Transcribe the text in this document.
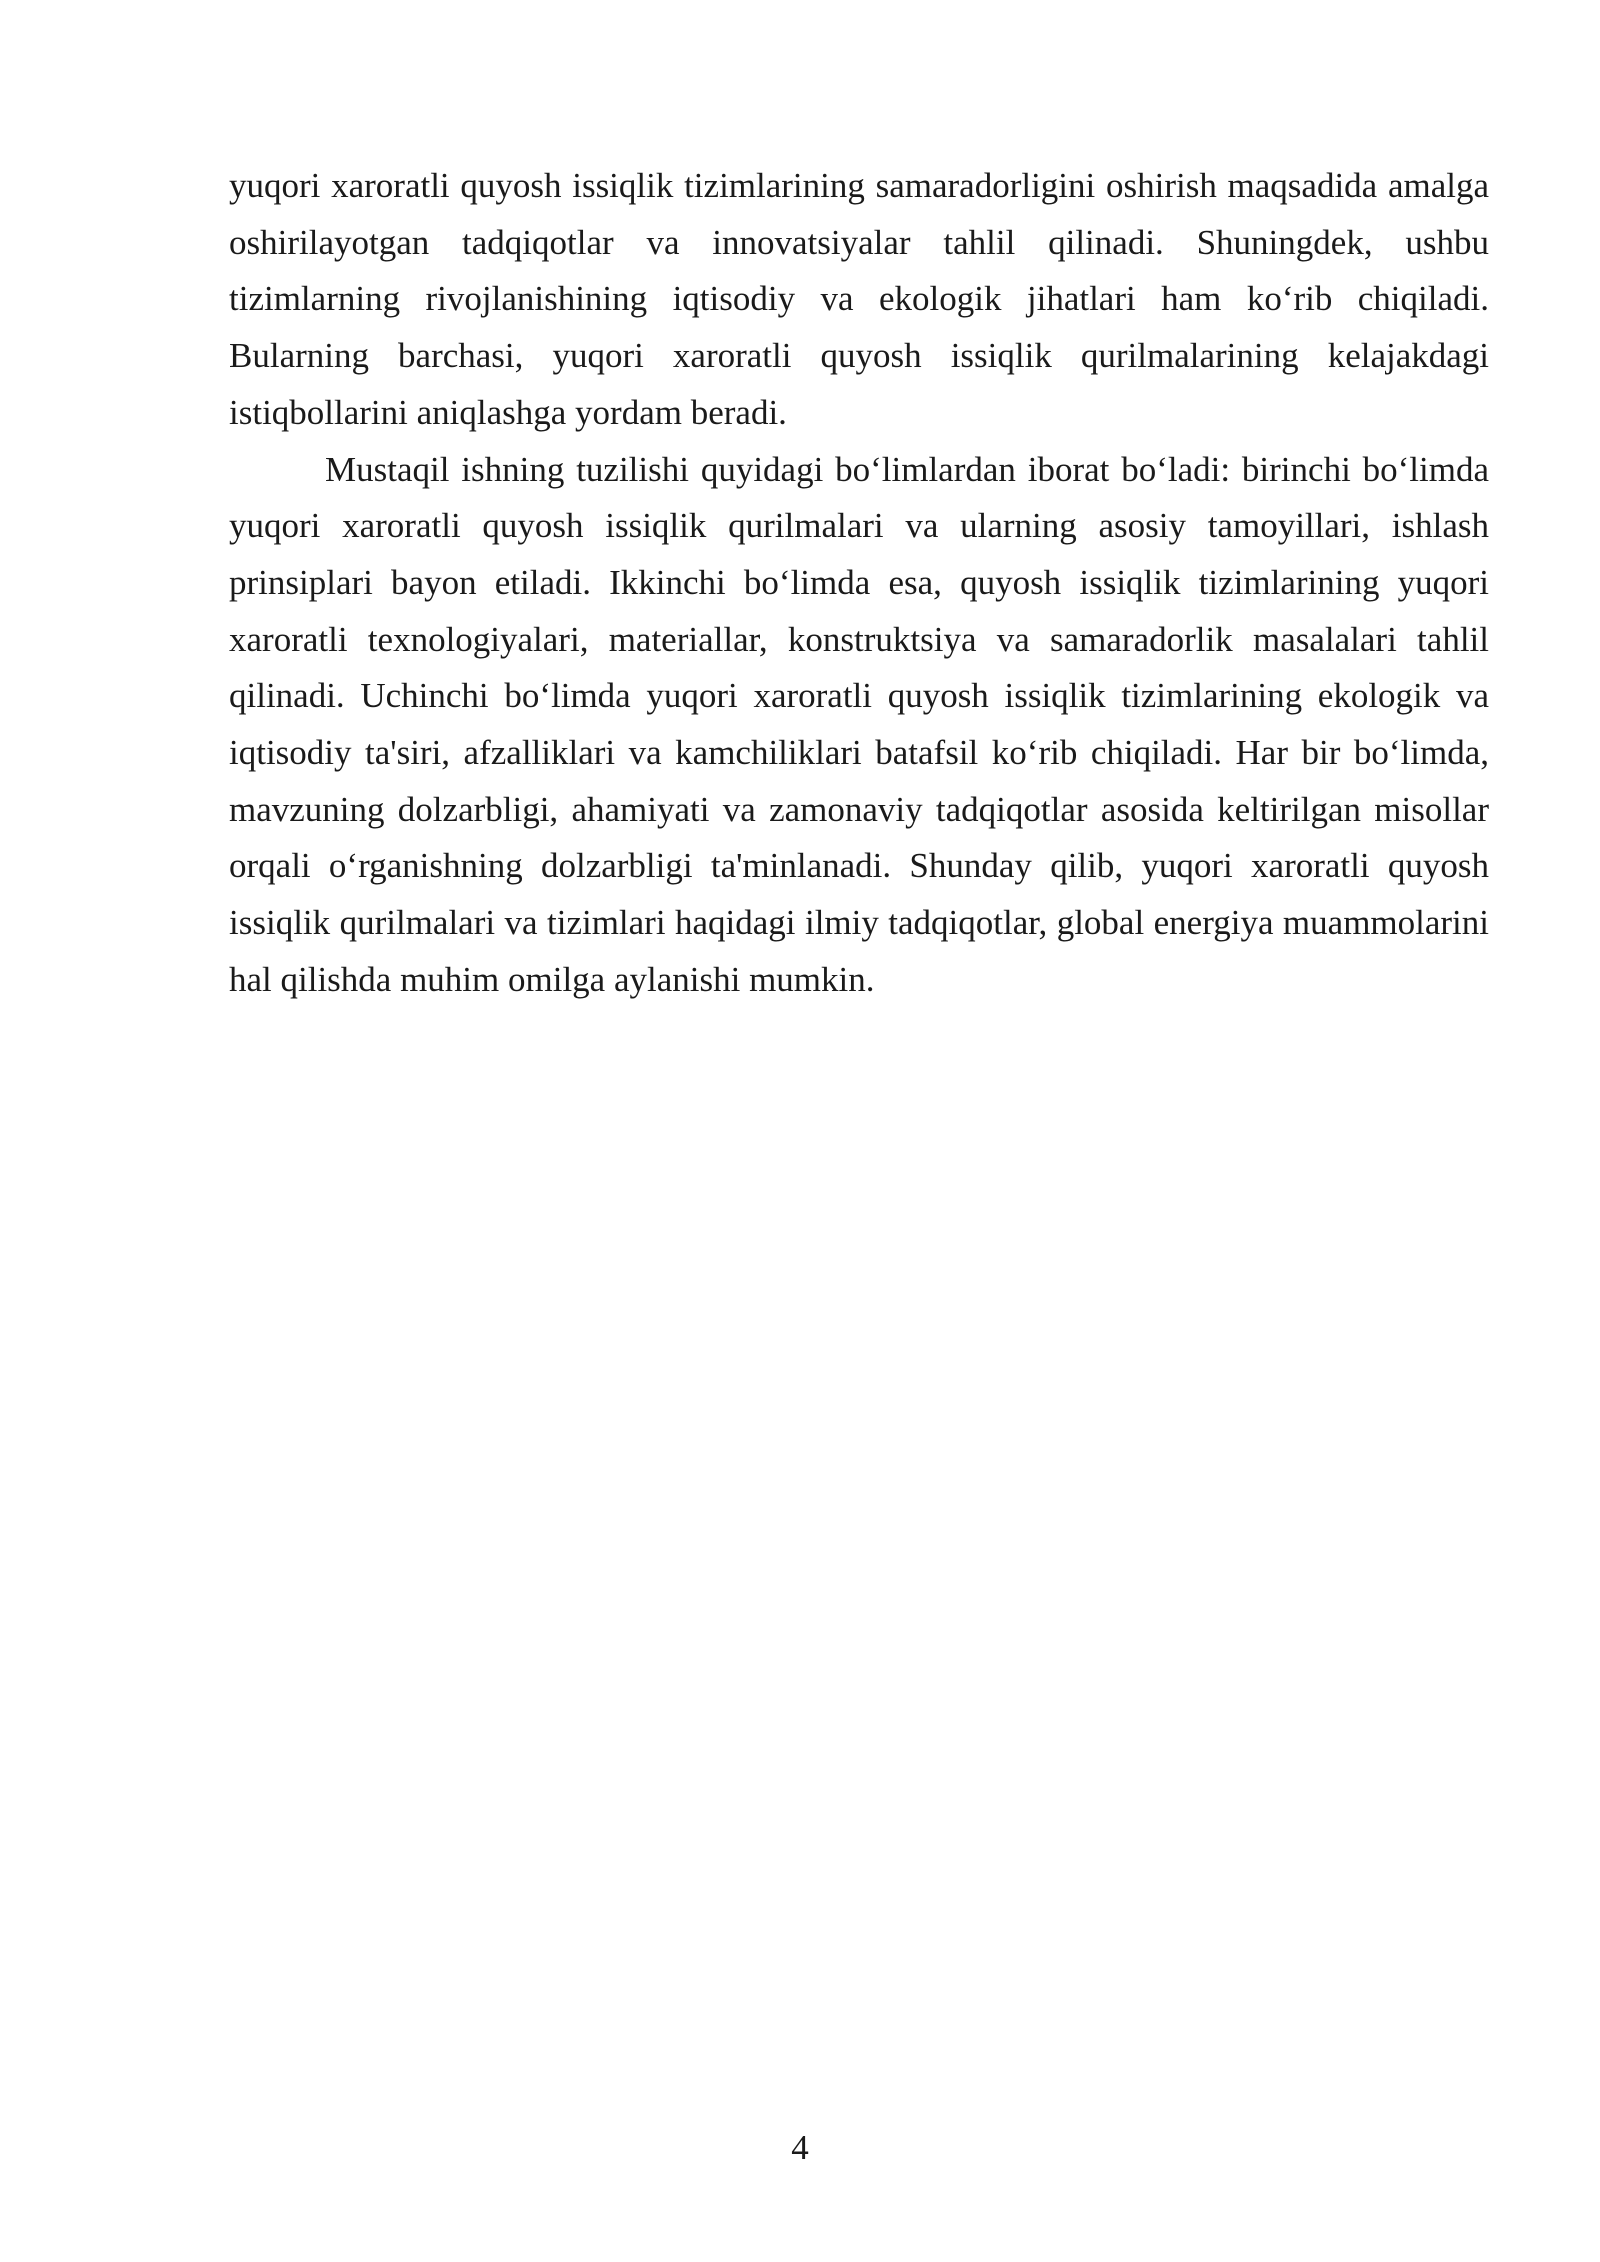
yuqori xaroratli quyosh issiqlik tizimlarining samaradorligini oshirish maqsadida amalga oshirilayotgan tadqiqotlar va innovatsiyalar tahlil qilinadi. Shuningdek, ushbu tizimlarning rivojlanishining iqtisodiy va ekologik jihatlari ham ko‘rib chiqiladi. Bularning barchasi, yuqori xaroratli quyosh issiqlik qurilmalarining kelajakdagi istiqbollarini aniqlashga yordam beradi.

Mustaqil ishning tuzilishi quyidagi bo‘limlardan iborat bo‘ladi: birinchi bo‘limda yuqori xaroratli quyosh issiqlik qurilmalari va ularning asosiy tamoyillari, ishlash prinsiplari bayon etiladi. Ikkinchi bo‘limda esa, quyosh issiqlik tizimlarining yuqori xaroratli texnologiyalari, materiallar, konstruktsiya va samaradorlik masalalari tahlil qilinadi. Uchinchi bo‘limda yuqori xaroratli quyosh issiqlik tizimlarining ekologik va iqtisodiy ta'siri, afzalliklari va kamchiliklari batafsil ko‘rib chiqiladi. Har bir bo‘limda, mavzuning dolzarbligi, ahamiyati va zamonaviy tadqiqotlar asosida keltirilgan misollar orqali o‘rganishning dolzarbligi ta'minlanadi. Shunday qilib, yuqori xaroratli quyosh issiqlik qurilmalari va tizimlari haqidagi ilmiy tadqiqotlar, global energiya muammolarini hal qilishda muhim omilga aylanishi mumkin.

4
